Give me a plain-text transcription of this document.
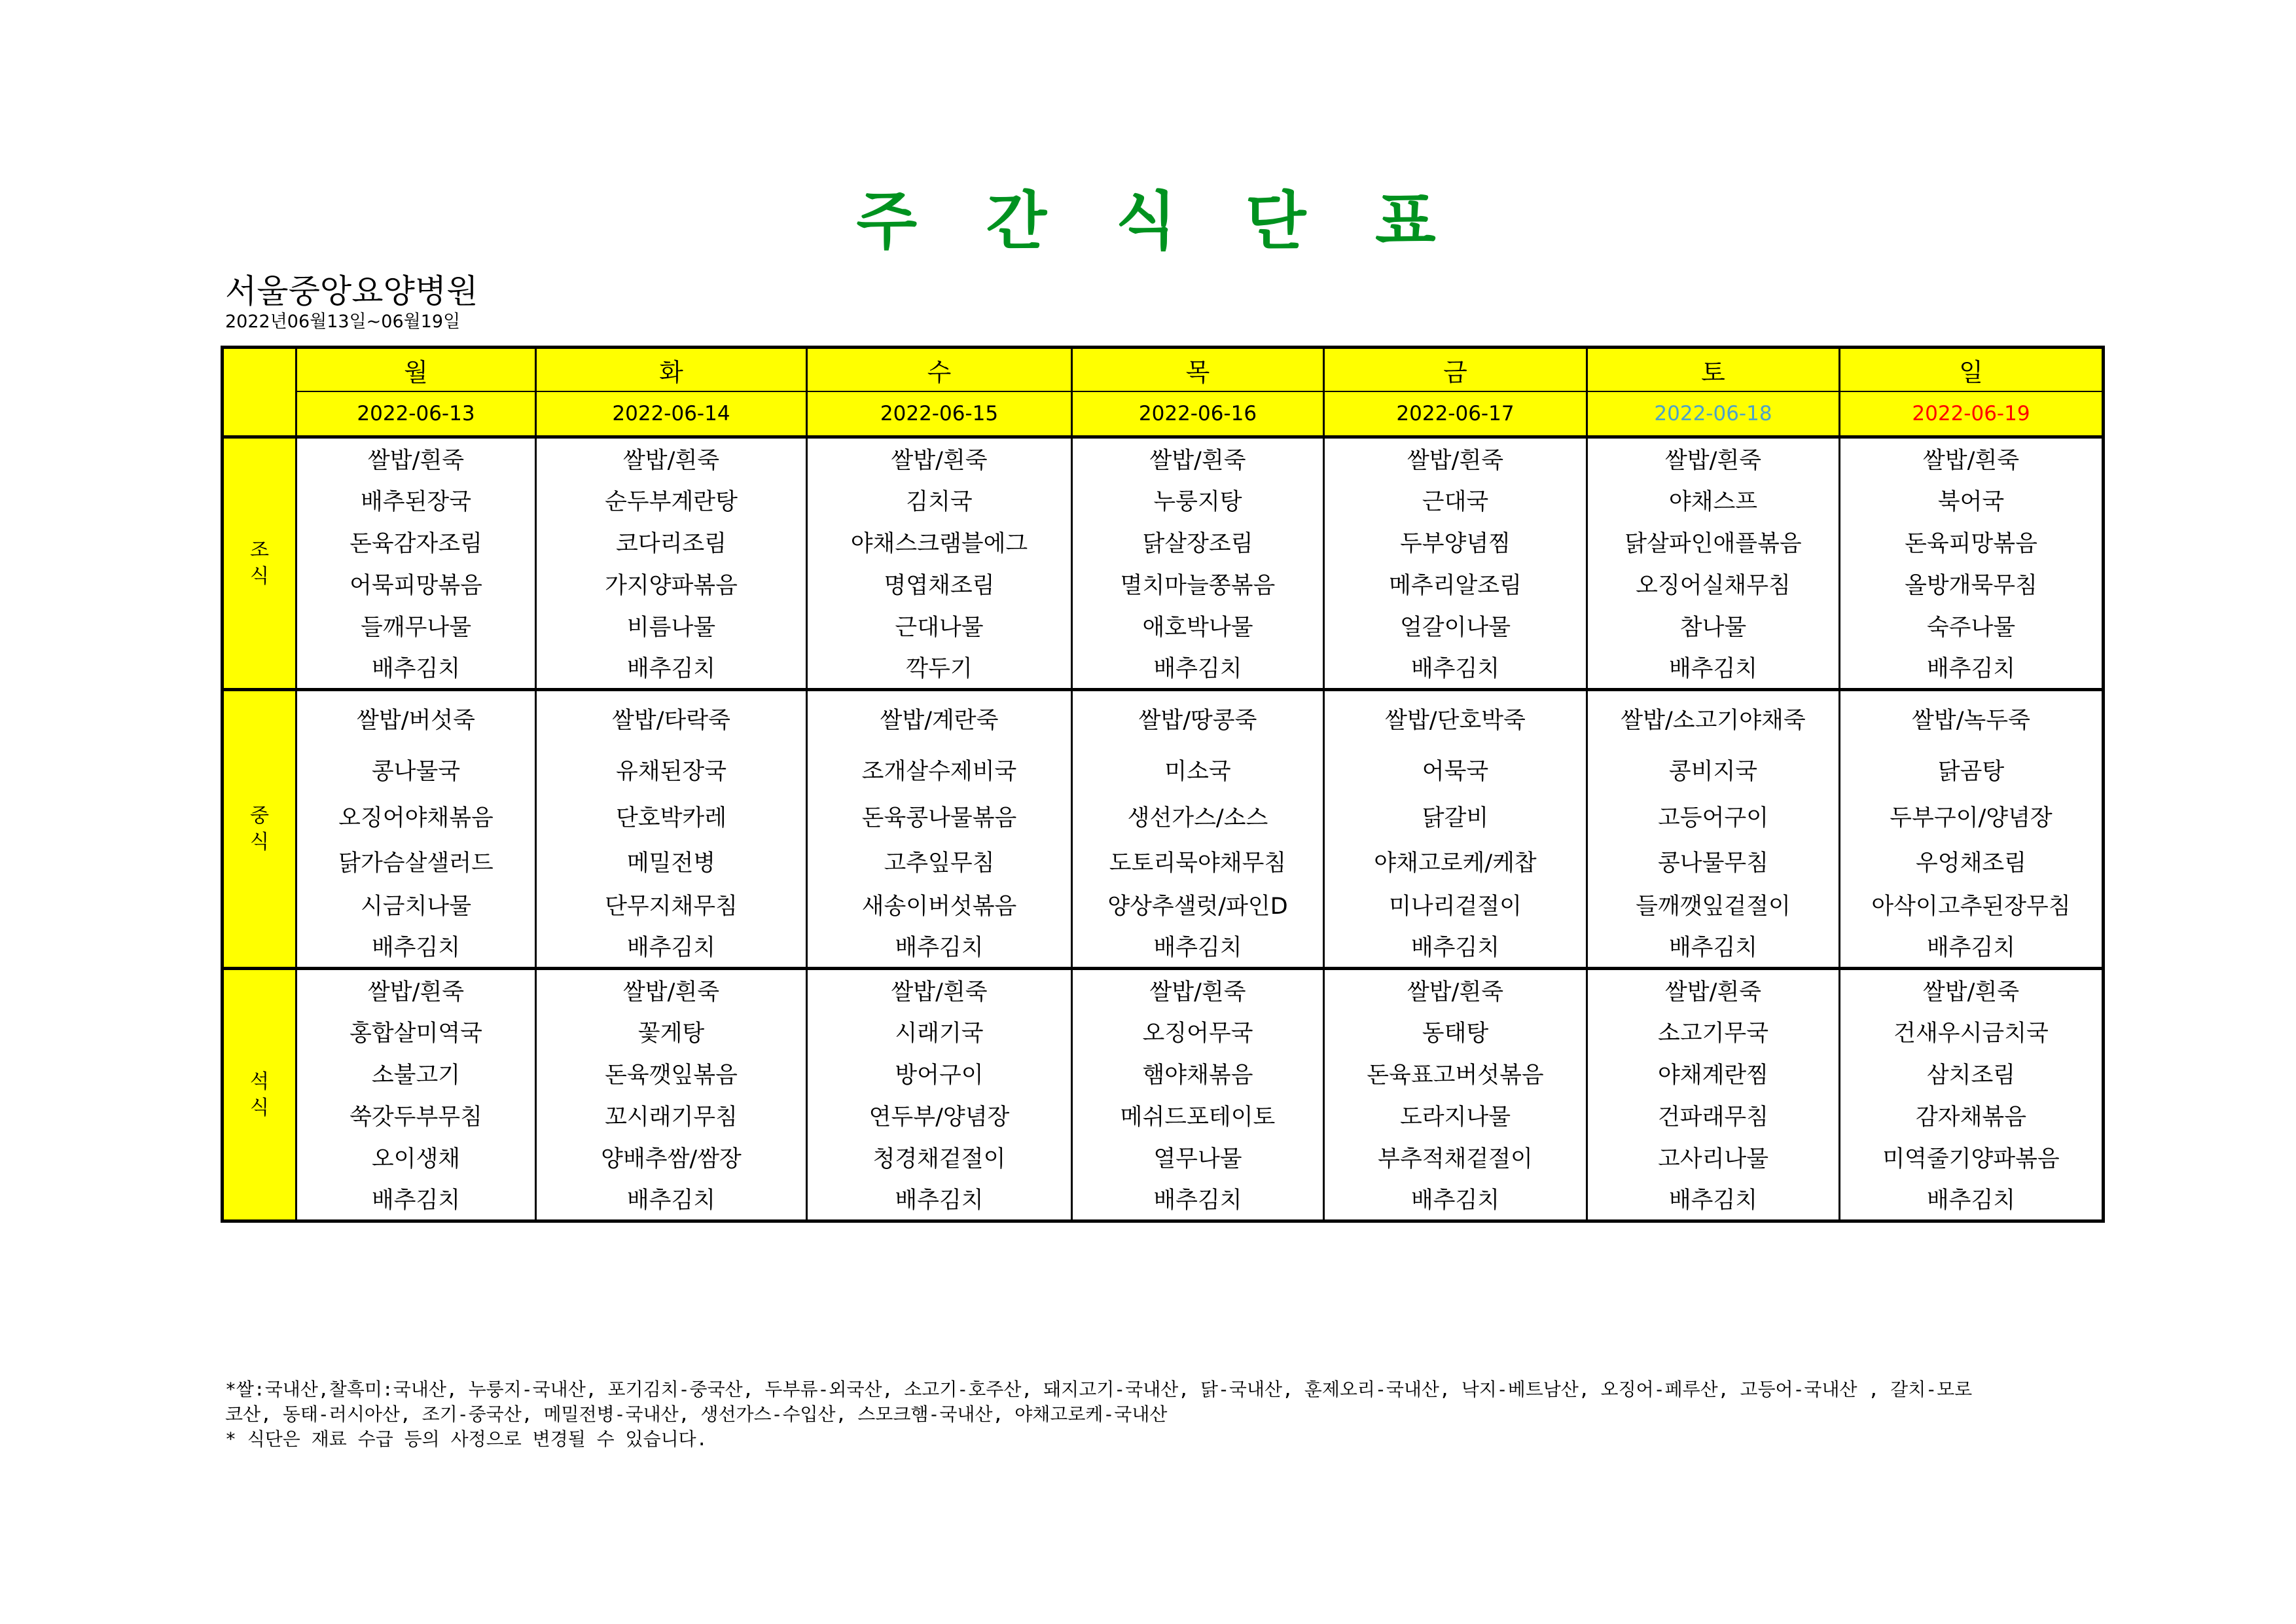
주 간 식 단 표
서울중앙요양병원
2022년06월13일~06월19일
	월	화	수	목	금	토	일
	2022-06-13	2022-06-14	2022-06-15	2022-06-16	2022-06-17	2022-06-18	2022-06-19

조
식	쌀밥/흰죽	쌀밥/흰죽	쌀밥/흰죽	쌀밥/흰죽	쌀밥/흰죽	쌀밥/흰죽	쌀밥/흰죽
	배추된장국	순두부계란탕	김치국	누룽지탕	근대국	야채스프	북어국
	돈육감자조림	코다리조림	야채스크램블에그	닭살장조림	두부양념찜	닭살파인애플볶음	돈육피망볶음
	어묵피망볶음	가지양파볶음	명엽채조림	멸치마늘쫑볶음	메추리알조림	오징어실채무침	올방개묵무침
	들깨무나물	비름나물	근대나물	애호박나물	얼갈이나물	참나물	숙주나물
	배추김치	배추김치	깍두기	배추김치	배추김치	배추김치	배추김치

중
식	쌀밥/버섯죽	쌀밥/타락죽	쌀밥/계란죽	쌀밥/땅콩죽	쌀밥/단호박죽	쌀밥/소고기야채죽	쌀밥/녹두죽
	콩나물국	유채된장국	조개살수제비국	미소국	어묵국	콩비지국	닭곰탕
	오징어야채볶음	단호박카레	돈육콩나물볶음	생선가스/소스	닭갈비	고등어구이	두부구이/양념장
	닭가슴살샐러드	메밀전병	고추잎무침	도토리묵야채무침	야채고로케/케찹	콩나물무침	우엉채조림
	시금치나물	단무지채무침	새송이버섯볶음	양상추샐럿/파인D	미나리겉절이	들깨깻잎겉절이	아삭이고추된장무침
	배추김치	배추김치	배추김치	배추김치	배추김치	배추김치	배추김치

석
식	쌀밥/흰죽	쌀밥/흰죽	쌀밥/흰죽	쌀밥/흰죽	쌀밥/흰죽	쌀밥/흰죽	쌀밥/흰죽
	홍합살미역국	꽃게탕	시래기국	오징어무국	동태탕	소고기무국	건새우시금치국
	소불고기	돈육깻잎볶음	방어구이	햄야채볶음	돈육표고버섯볶음	야채계란찜	삼치조림
	쑥갓두부무침	꼬시래기무침	연두부/양념장	메쉬드포테이토	도라지나물	건파래무침	감자채볶음
	오이생채	양배추쌈/쌈장	청경채겉절이	열무나물	부추적채겉절이	고사리나물	미역줄기양파볶음
	배추김치	배추김치	배추김치	배추김치	배추김치	배추김치	배추김치
*쌀:국내산,찰흑미:국내산, 누룽지-국내산, 포기김치-중국산, 두부류-외국산, 소고기-호주산, 돼지고기-국내산, 닭-국내산, 훈제오리-국내산, 낙지-베트남산, 오징어-페루산, 고등어-국내산 , 갈치-모로
코산, 동태-러시아산, 조기-중국산, 메밀전병-국내산, 생선가스-수입산, 스모크햄-국내산, 야채고로케-국내산
* 식단은 재료 수급 등의 사정으로 변경될 수 있습니다.
